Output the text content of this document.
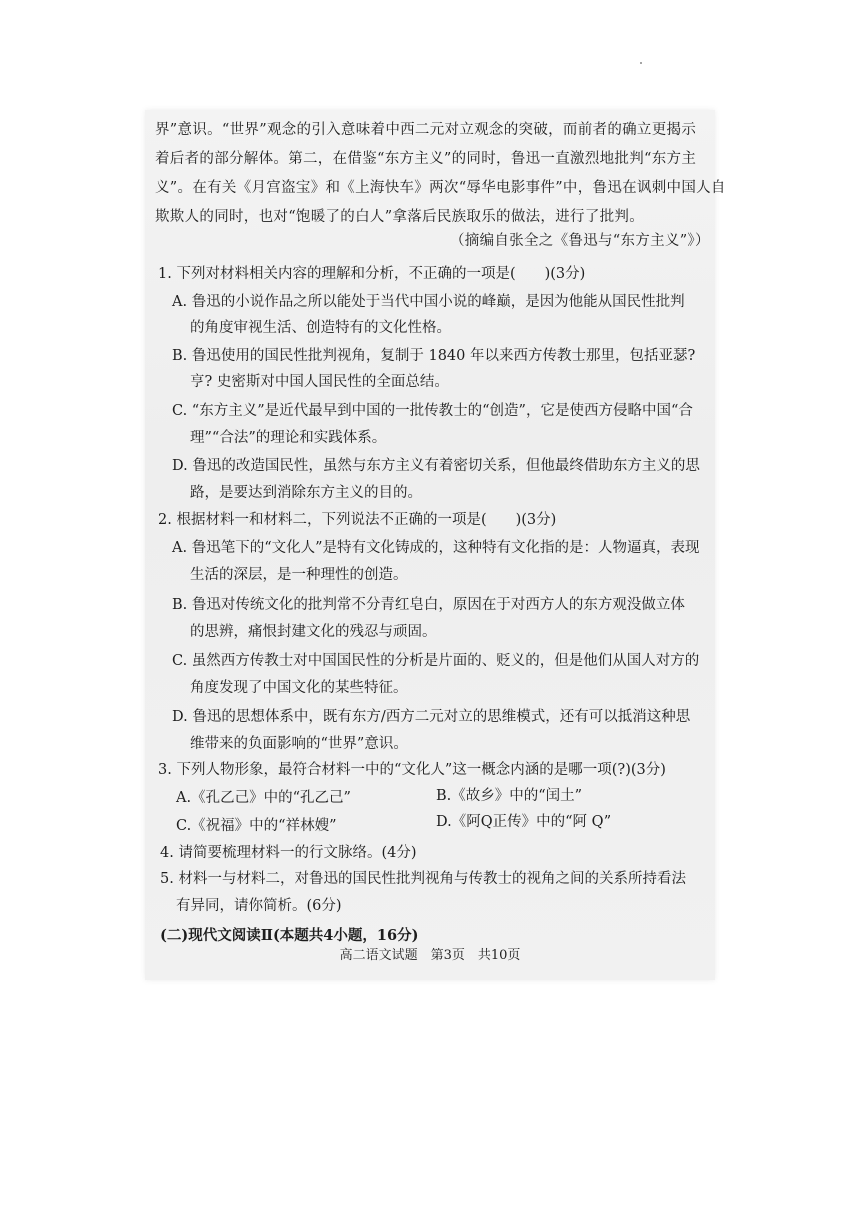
界”意识。“世界”观念的引入意味着中西二元对立观念的突破，而前者的确立更揭示
着后者的部分解体。第二，在借鉴“东方主义”的同时，鲁迅一直激烈地批判“东方主
义”。在有关《月宫盗宝》和《上海快车》两次“辱华电影事件”中，鲁迅在讽刺中国人自
欺欺人的同时，也对“饱暖了的白人”拿落后民族取乐的做法，进行了批判。
（摘编自张全之《鲁迅与“东方主义”》）
1. 下列对材料相关内容的理解和分析，不正确的一项是(　　)(3分)
A. 鲁迅的小说作品之所以能处于当代中国小说的峰巅，是因为他能从国民性批判
的角度审视生活、创造特有的文化性格。
B. 鲁迅使用的国民性批判视角，复制于 1840 年以来西方传教士那里，包括亚瑟?
亨? 史密斯对中国人国民性的全面总结。
C. “东方主义”是近代最早到中国的一批传教士的“创造”，它是使西方侵略中国“合
理”“合法”的理论和实践体系。
D. 鲁迅的改造国民性，虽然与东方主义有着密切关系，但他最终借助东方主义的思
路，是要达到消除东方主义的目的。
2. 根据材料一和材料二，下列说法不正确的一项是(　　)(3分)
A. 鲁迅笔下的“文化人”是特有文化铸成的，这种特有文化指的是：人物逼真，表现
生活的深层，是一种理性的创造。
B. 鲁迅对传统文化的批判常不分青红皂白，原因在于对西方人的东方观没做立体
的思辨，痛恨封建文化的残忍与顽固。
C. 虽然西方传教士对中国国民性的分析是片面的、贬义的，但是他们从国人对方的
角度发现了中国文化的某些特征。
D. 鲁迅的思想体系中，既有东方/西方二元对立的思维模式，还有可以抵消这种思
维带来的负面影响的“世界”意识。
3. 下列人物形象，最符合材料一中的“文化人”这一概念内涵的是哪一项(?)(3分)
A.《孔乙己》中的“孔乙己”	B.《故乡》中的“闰土”
C.《祝福》中的“祥林嫂”	D.《阿Q正传》中的“阿 Q”
4. 请简要梳理材料一的行文脉络。(4分)
5. 材料一与材料二，对鲁迅的国民性批判视角与传教士的视角之间的关系所持看法
有异同，请你简析。(6分)
(二)现代文阅读Ⅱ(本题共4小题，16分)
高二语文试题　第3页　共10页
